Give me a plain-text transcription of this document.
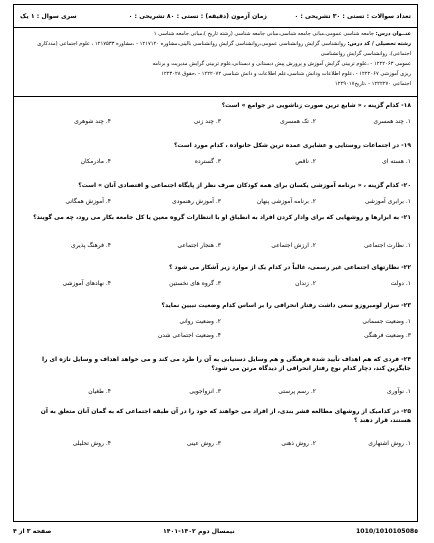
تعداد سوالات : تستی : ۳۰ تشریحی : ۰
زمان آزمون (دقیقه) : تستی : ۸۰ تشریحی : ۰
سری سوال : ۱ یک
عنــوان درس: جامعه شناسی عمومی،مبانی جامعه شناسی،مبانی جامعه شناسی (رشته تاریخ )،مبانی جامعه شناسی ۱
رشته تحصیلی / کد درس: روانشناسی گرایش روانشناسی عمومی،روانشناسی گرایش روانشناسی بالینی،مشاوره ۱۲۱۷۱۲۰ - ،مشاوره ۱۲۱۷۵۳۳ ، علوم اجتماعی (مددکاری اجتماعی)، روانشناسی گرایش روانشناسی
عمومی ۱۲۲۲۰۶۳ - ،علوم تربیتی گرایش آموزش و پرورش پیش دبستانی و دبستانی،علوم تربیتی گرایش مدیریت و برنامه
ریزی آموزشی ۱۲۲۲۰۶۷ - ،علوم اطلاعات ودانش شناسی،علم اطلاعات و دانش شناسی ۱۲۲۲۰۷۲ - ،حقوق ۱۲۲۳۰۲۸
اجتماعی ۱۲۲۲۲۷۰ - ،تاریخ۱۲۲۹۰۱۷
۱۸- کدام گزینه ، « شایع ترین صورت زناشویی در جوامع » است؟
۱. چند همسری
۲. تک همسری
۳. چند زنی
۴. چند شوهری
۱۹- در اجتماعات روستایی و عشایری عمده ترین شکل خانواده ، کدام مورد است؟
۱. هسته ای
۲. ناقص
۳. گسترده
۴. مادرمکان
۲۰- کدام گزینه ، « برنامه آموزشی یکسان برای همه کودکان صرف نظر از پایگاه اجتماعی و اقتصادی آنان » است؟
۱. برابری آموزشی
۲. برنامه آموزشی پنهان
۳. آموزش رهنمودی
۴. آموزش همگانی
۲۱- به ابزارها و روشهایی که برای وادار کردن افراد به انطباق او با انتظارات گروه معین یا کل جامعه بکار می رود، چه می گویند؟
۱. نظارت اجتماعی
۲. ارزش اجتماعی
۳. هنجار اجتماعی
۴. فرهنگ پذیری
۲۲- نظارتهای اجتماعی غیر رسمی، غالباً در کدام یک از موارد زیر آشکار می شود ؟
۱. دولت
۲. زندان
۳. گروه های نخستین
۴. نهادهای آموزشی
۲۳- سزار لومبروزو سعی داشت رفتار انحرافی را بر اساس کدام وضعیت تبیین نماید؟
۱. وضعیت جسمانی
۲. وضعیت روانی
۳. وضعیت فرهنگی
۴. وضعیت اجتماعی شدن
۲۴- فردی که هم اهداف تأیید شده فرهنگی و هم وسایل دستیابی به آن را طرد می کند و می خواهد اهداف و وسایل تازه ای را جایگزین کند، دچار کدام نوع رفتار انحرافی از دیدگاه مرتن می شود؟
۱. نوآوری
۲. رسم پرستی
۳. انزواجویی
۴. طغیان
۲۵- در کدامیک از روشهای مطالعه قشر بندی، از افراد می خواهند که خود را در آن طبقه اجتماعی که به گمان آنان متعلق به آن هستند، قرار دهند ؟
۱. روش اشتهاری
۲. روش ذهنی
۳. روش عینی
۴. روش تحلیلی
صفحه ۳ از ۴	نیمسال دوم ۱۴۰۲-۱۴۰۱	1010/101010508٥
